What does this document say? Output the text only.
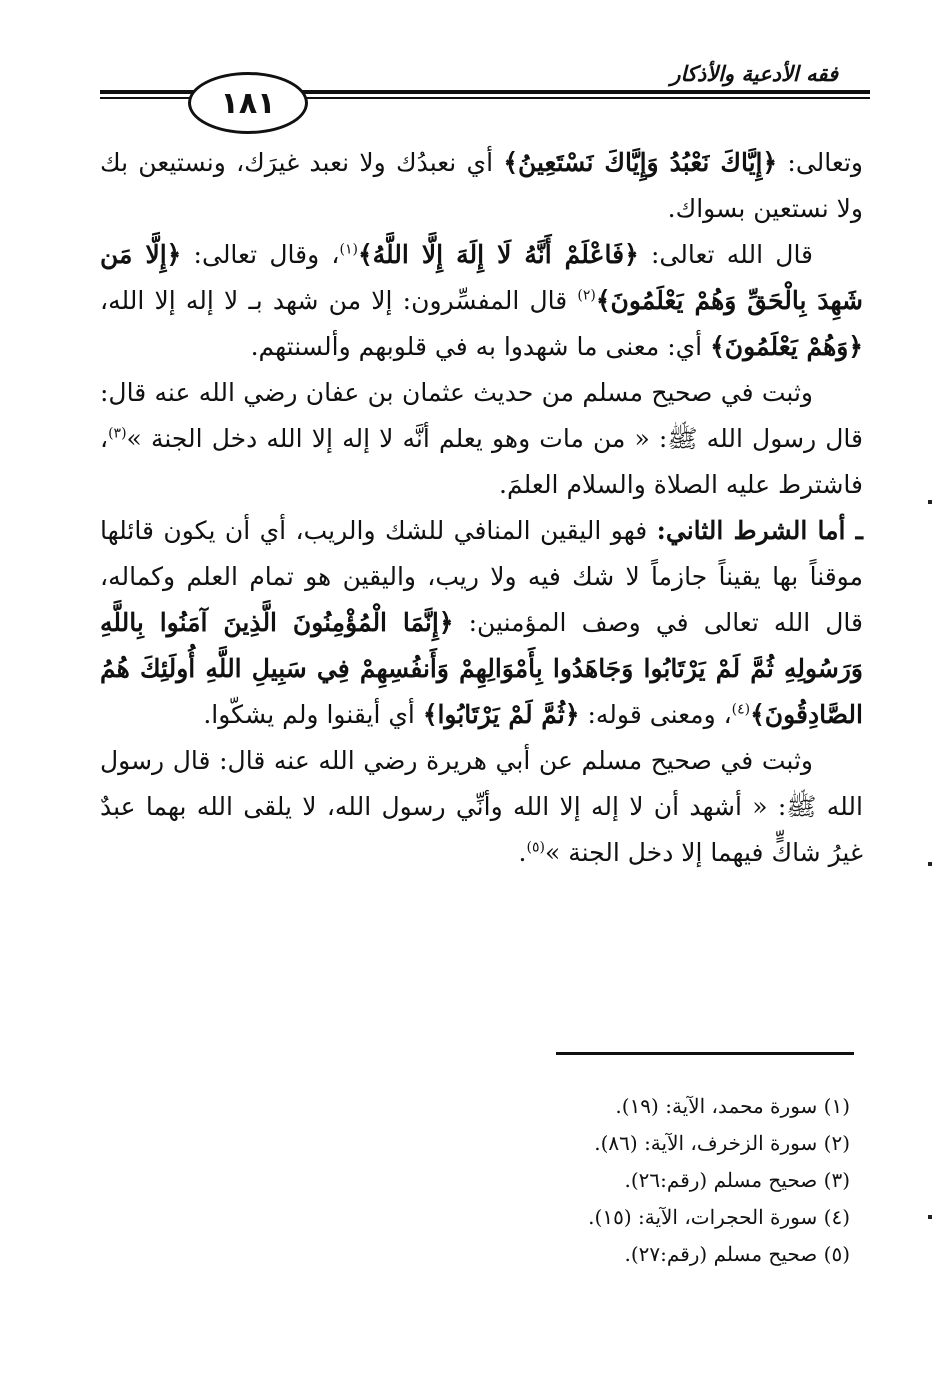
فقه الأدعية والأذكار
١٨١

وتعالى: ﴿إِيَّاكَ نَعْبُدُ وَإِيَّاكَ نَسْتَعِينُ﴾ أي نعبدُك ولا نعبد غيرَك، ونستيعن بك ولا نستعين بسواك.

قال الله تعالى: ﴿فَاعْلَمْ أَنَّهُ لَا إِلَهَ إِلَّا اللَّهُ﴾$^{(١)}$، وقال تعالى: ﴿إِلَّا مَن شَهِدَ بِالْحَقِّ وَهُمْ يَعْلَمُونَ﴾$^{(٢)}$ قال المفسِّرون: إلا من شهد بـ لا إله إلا الله، ﴿وَهُمْ يَعْلَمُونَ﴾ أي: معنى ما شهدوا به في قلوبهم وألسنتهم.

وثبت في صحيح مسلم من حديث عثمان بن عفان رضي الله عنه قال: قال رسول الله ﷺ: « من مات وهو يعلم أنَّه لا إله إلا الله دخل الجنة »$^{(٣)}$، فاشترط عليه الصلاة والسلام العلمَ.

ـ أما الشرط الثاني: فهو اليقين المنافي للشك والريب، أي أن يكون قائلها موقناً بها يقيناً جازماً لا شك فيه ولا ريب، واليقين هو تمام العلم وكماله، قال الله تعالى في وصف المؤمنين: ﴿إِنَّمَا الْمُؤْمِنُونَ الَّذِينَ آمَنُوا بِاللَّهِ وَرَسُولِهِ ثُمَّ لَمْ يَرْتَابُوا وَجَاهَدُوا بِأَمْوَالِهِمْ وَأَنفُسِهِمْ فِي سَبِيلِ اللَّهِ أُولَئِكَ هُمُ الصَّادِقُونَ﴾$^{(٤)}$، ومعنى قوله: ﴿ثُمَّ لَمْ يَرْتَابُوا﴾ أي أيقنوا ولم يشكّوا.

وثبت في صحيح مسلم عن أبي هريرة رضي الله عنه قال: قال رسول الله ﷺ: « أشهد أن لا إله إلا الله وأنِّي رسول الله، لا يلقى الله بهما عبدٌ غيرُ شاكٍّ فيهما إلا دخل الجنة »$^{(٥)}$.

(١) سورة محمد، الآية: (١٩).
(٢) سورة الزخرف، الآية: (٨٦).
(٣) صحيح مسلم (رقم:٢٦).
(٤) سورة الحجرات، الآية: (١٥).
(٥) صحيح مسلم (رقم:٢٧).
